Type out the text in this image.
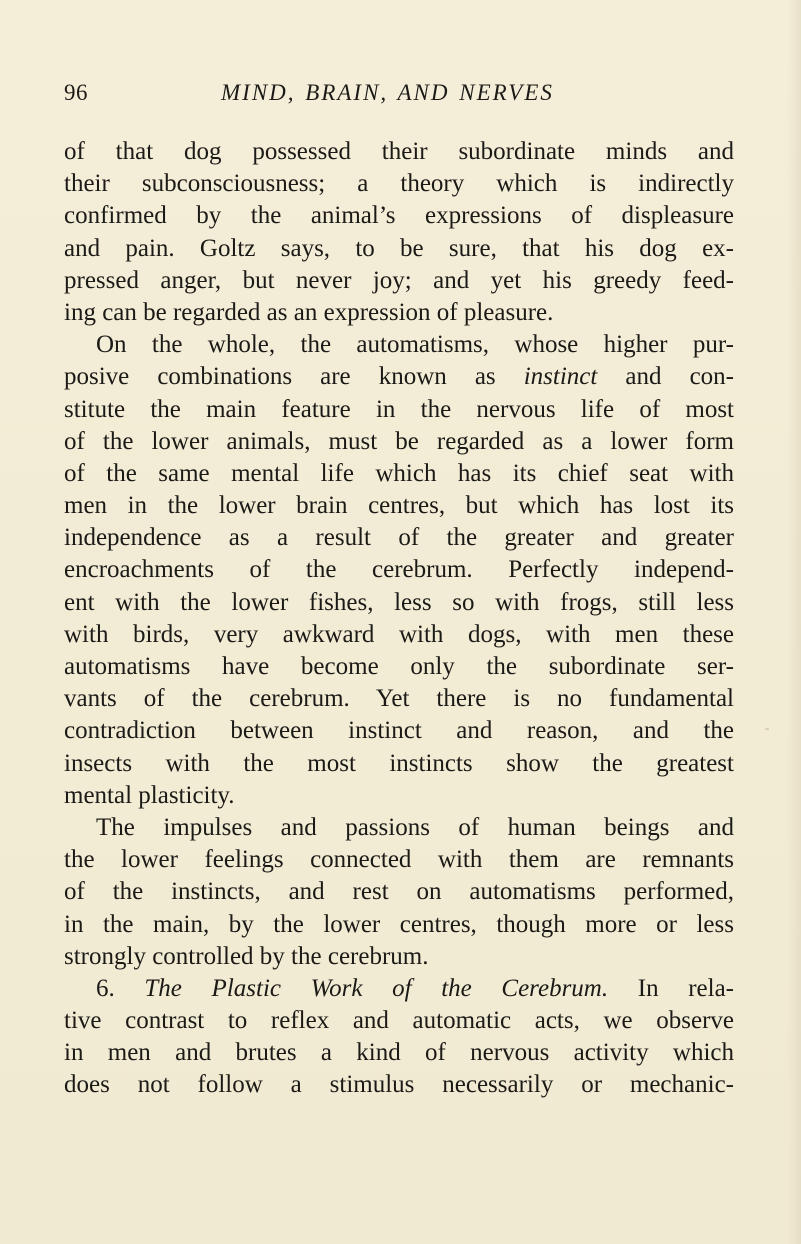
96	MIND, BRAIN, AND NERVES
of that dog possessed their subordinate minds and
their subconsciousness; a theory which is indirectly
confirmed by the animal’s expressions of displeasure
and pain. Goltz says, to be sure, that his dog ex-
pressed anger, but never joy; and yet his greedy feed-
ing can be regarded as an expression of pleasure.
On the whole, the automatisms, whose higher pur-
posive combinations are known as instinct and con-
stitute the main feature in the nervous life of most
of the lower animals, must be regarded as a lower form
of the same mental life which has its chief seat with
men in the lower brain centres, but which has lost its
independence as a result of the greater and greater
encroachments of the cerebrum. Perfectly independ-
ent with the lower fishes, less so with frogs, still less
with birds, very awkward with dogs, with men these
automatisms have become only the subordinate ser-
vants of the cerebrum. Yet there is no fundamental
contradiction between instinct and reason, and the
insects with the most instincts show the greatest
mental plasticity.
The impulses and passions of human beings and
the lower feelings connected with them are remnants
of the instincts, and rest on automatisms performed,
in the main, by the lower centres, though more or less
strongly controlled by the cerebrum.
6. The Plastic Work of the Cerebrum. In rela-
tive contrast to reflex and automatic acts, we observe
in men and brutes a kind of nervous activity which
does not follow a stimulus necessarily or mechanic-
-
